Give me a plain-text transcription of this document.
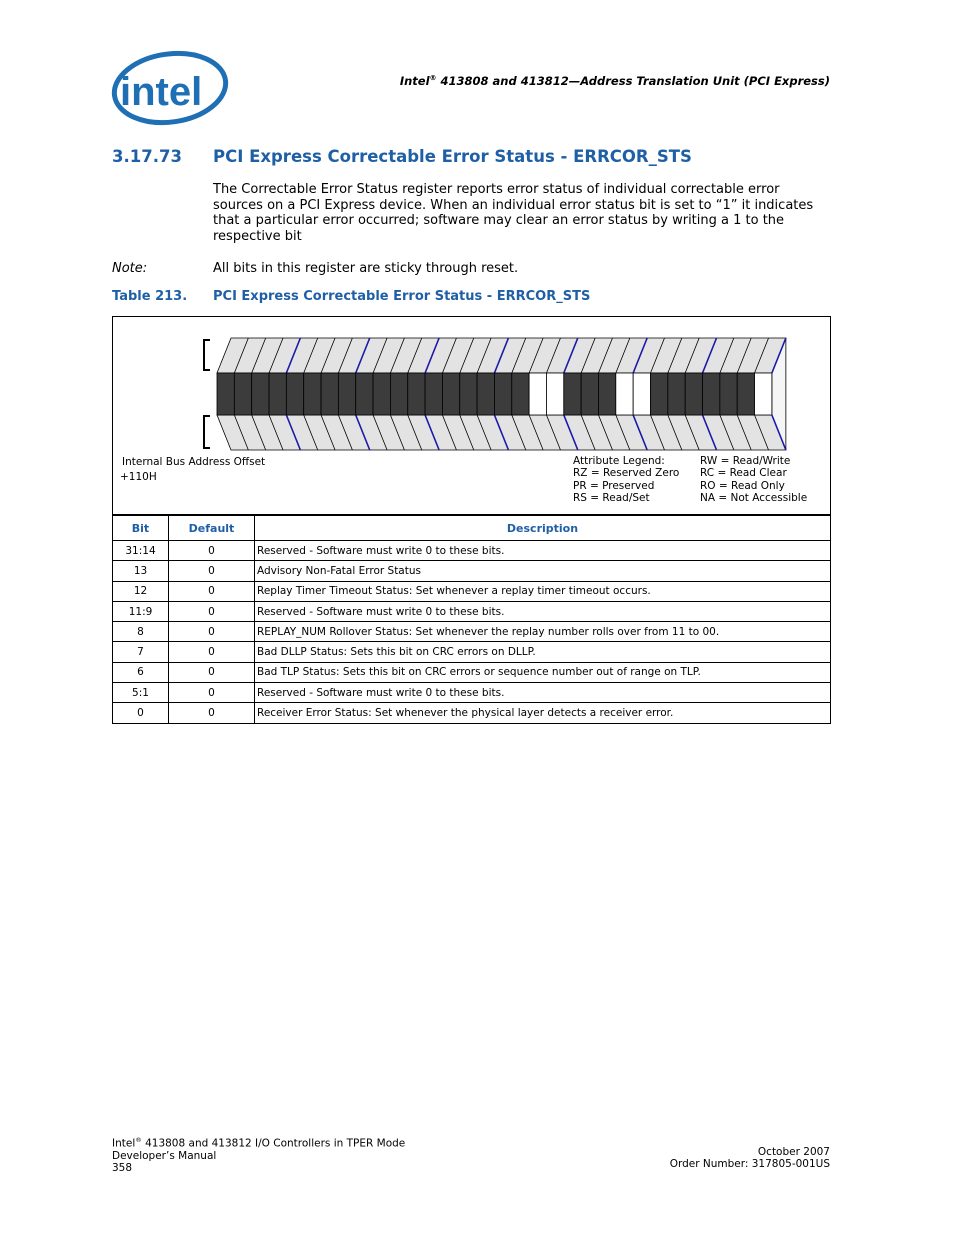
intel	Intel® 413808 and 413812—Address Translation Unit (PCI Express)
3.17.73 PCI Express Correctable Error Status - ERRCOR_STS
The Correctable Error Status register reports error status of individual correctable error sources on a PCI Express device. When an individual error status bit is set to “1” it indicates that a particular error occurred; software may clear an error status by writing a 1 to the respective bit
Note:	All bits in this register are sticky through reset.
Table 213. PCI Express Correctable Error Status - ERRCOR_STS
Internal Bus Address Offset
+110H
Attribute Legend:
RZ = Reserved Zero
PR = Preserved
RS = Read/Set
RW = Read/Write
RC = Read Clear
RO = Read Only
NA = Not Accessible
Bit	Default	Description
31:14	0	Reserved - Software must write 0 to these bits.
13	0	Advisory Non-Fatal Error Status
12	0	Replay Timer Timeout Status: Set whenever a replay timer timeout occurs.
11:9	0	Reserved - Software must write 0 to these bits.
8	0	REPLAY_NUM Rollover Status: Set whenever the replay number rolls over from 11 to 00.
7	0	Bad DLLP Status: Sets this bit on CRC errors on DLLP.
6	0	Bad TLP Status: Sets this bit on CRC errors or sequence number out of range on TLP.
5:1	0	Reserved - Software must write 0 to these bits.
0	0	Receiver Error Status: Set whenever the physical layer detects a receiver error.
Intel® 413808 and 413812 I/O Controllers in TPER Mode
Developer’s Manual
358
October 2007
Order Number: 317805-001US
